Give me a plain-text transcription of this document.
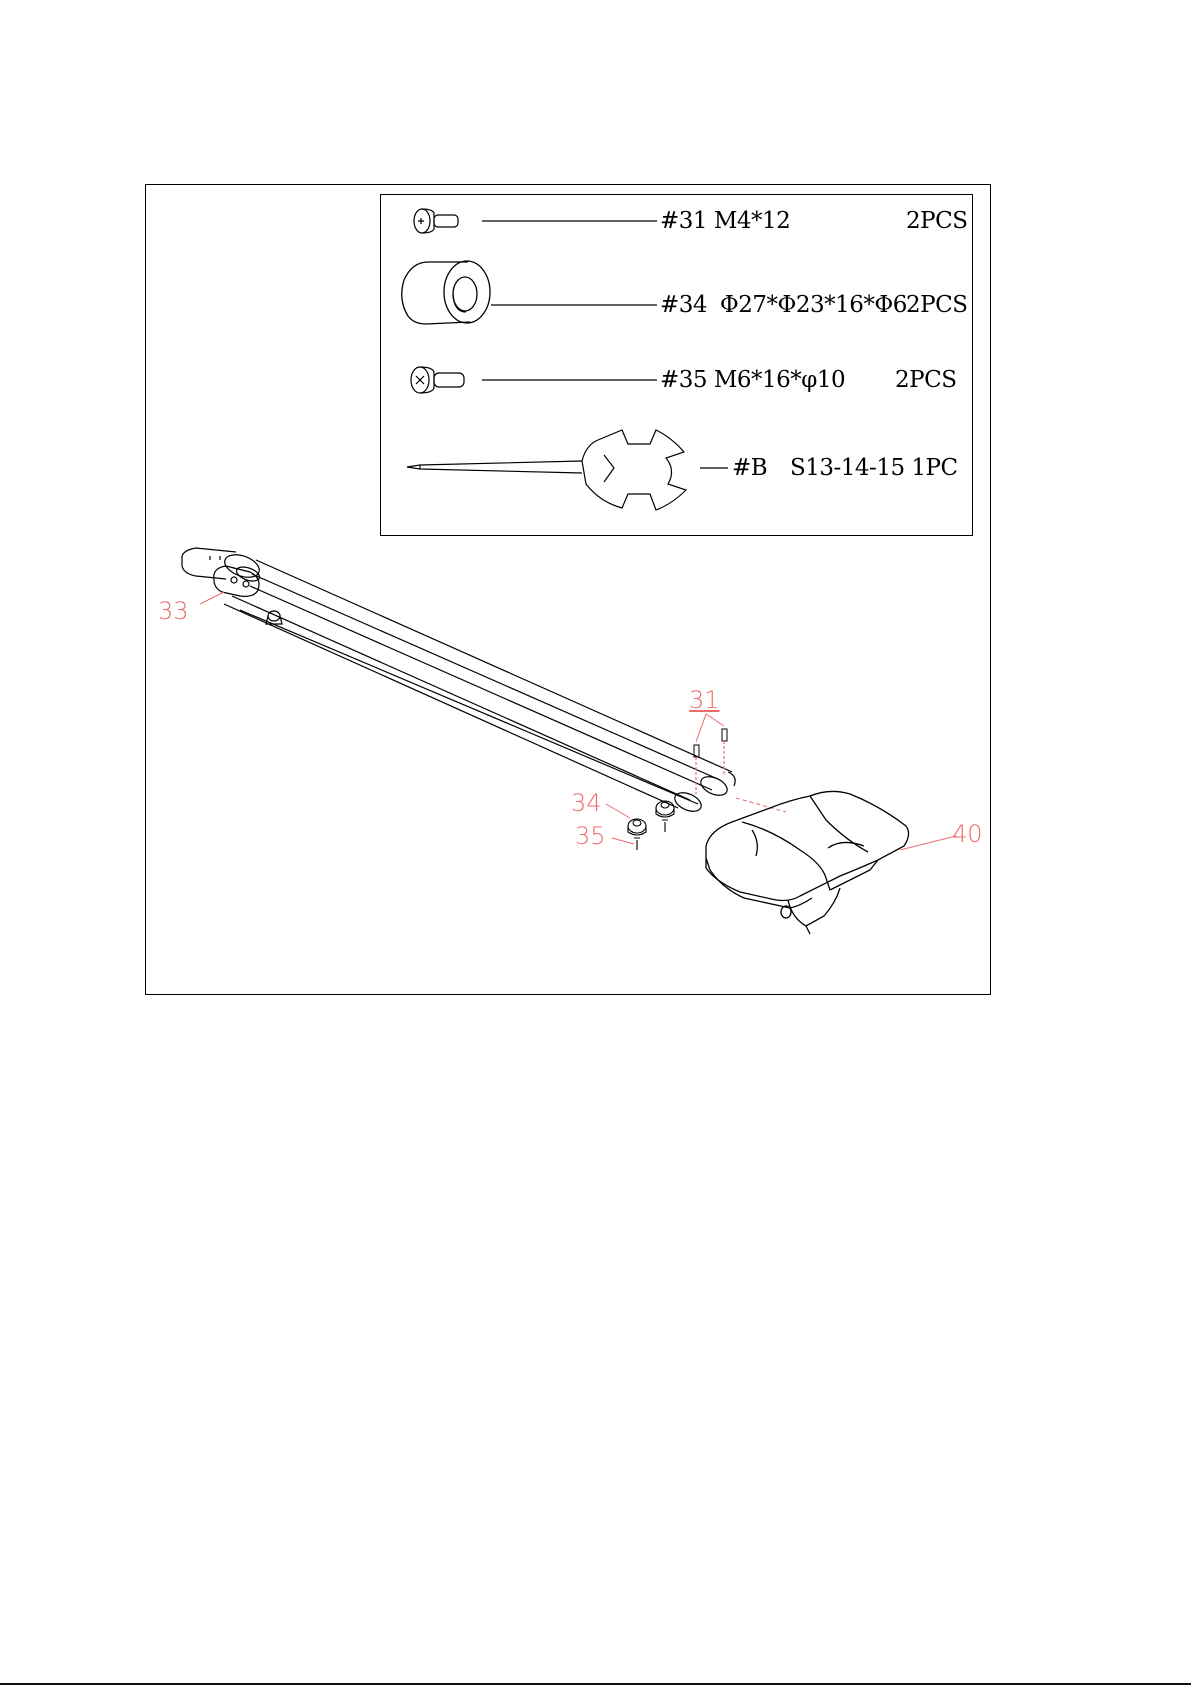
#31 M4*12	2PCS
#34 Φ27*Φ23*16*Φ6 2PCS
#35 M6*16*φ10 2PCS
#B S13-14-15 1PC
33
31
34
35	40
